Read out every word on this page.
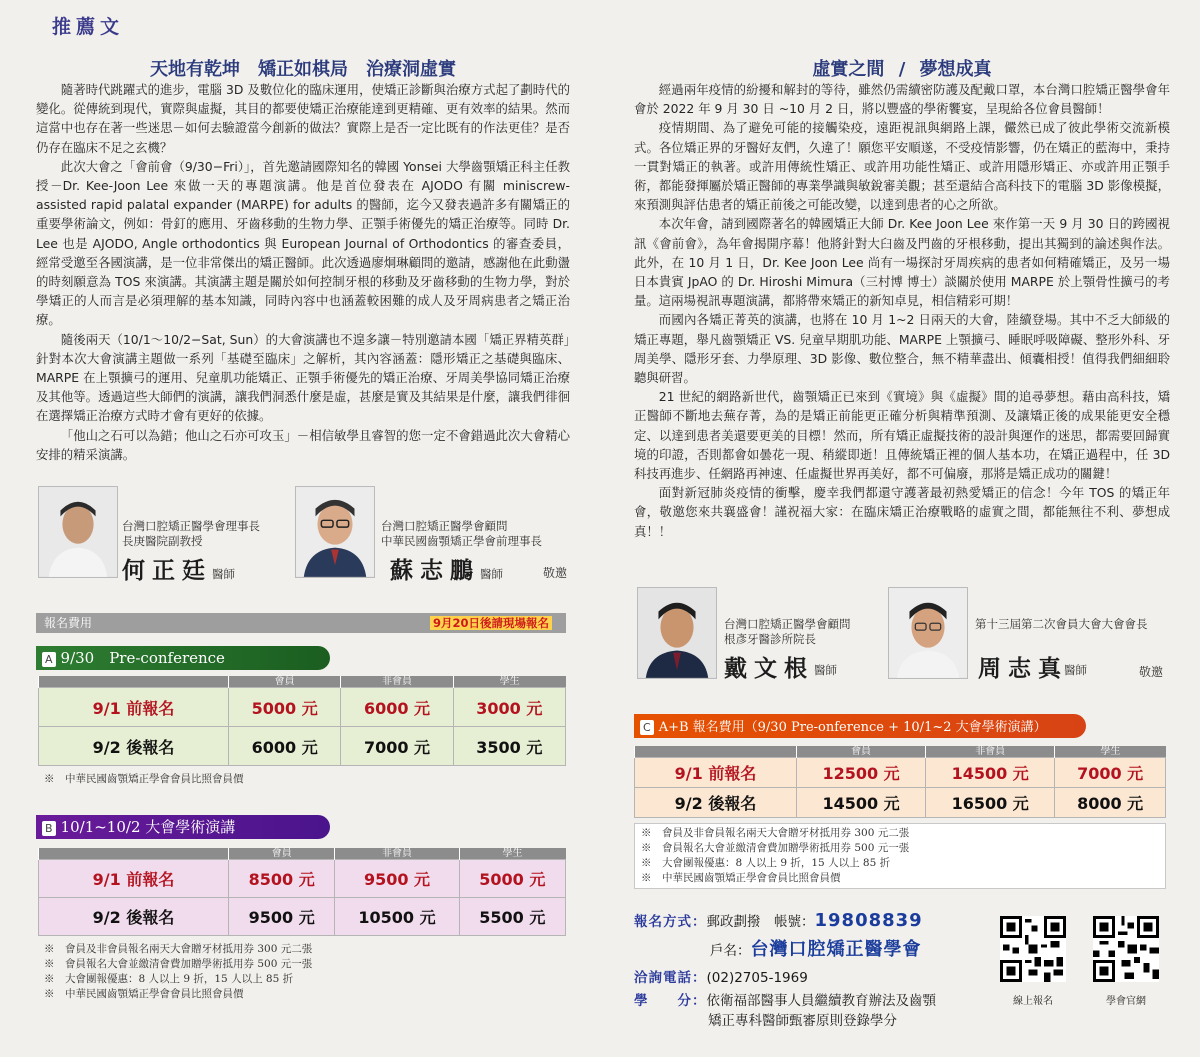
推薦文
天地有乾坤　矯正如棋局　治療洞虛實

隨著時代跳躍式的進步，電腦 3D 及數位化的臨床運用，使矯正診斷與治療方式起了劃時代的變化。從傳統到現代，實際與虛擬，其目的都要使矯正治療能達到更精確、更有效率的結果。然而這當中也存在著一些迷思－如何去驗證當今創新的做法？實際上是否一定比既有的作法更佳？是否仍存在臨床不足之玄機？

此次大會之「會前會（9/30−Fri）」，首先邀請國際知名的韓國 Yonsei 大學齒顎矯正科主任教授－Dr. Kee-Joon Lee 來做一天的專題演講。他是首位發表在 AJODO 有關 miniscrew-assisted rapid palatal expander (MARPE) for adults 的醫師，迄今又發表過許多有關矯正的重要學術論文，例如：骨釘的應用、牙齒移動的生物力學、正顎手術優先的矯正治療等。同時 Dr. Lee 也是 AJODO, Angle orthodontics 與 European Journal of Orthodontics 的審查委員，經常受邀至各國演講，是一位非常傑出的矯正醫師。此次透過廖炯琳顧問的邀請，感謝他在此動盪的時刻願意為 TOS 來演講。其演講主題是關於如何控制牙根的移動及牙齒移動的生物力學，對於學矯正的人而言是必須理解的基本知識，同時內容中也涵蓋較困難的成人及牙周病患者之矯正治療。

隨後兩天（10/1～10/2−Sat, Sun）的大會演講也不遑多讓－特別邀請本國「矯正界精英群」針對本次大會演講主題做一系列「基礎至臨床」之解析，其內容涵蓋：隱形矯正之基礎與臨床、MARPE 在上顎擴弓的運用、兒童肌功能矯正、正顎手術優先的矯正治療、牙周美學協同矯正治療及其他等。透過這些大師們的演講，讓我們洞悉什麼是虛，甚麼是實及其結果是什麼，讓我們徘徊在選擇矯正治療方式時才會有更好的依據。

「他山之石可以為錯；他山之石亦可攻玉」－相信敏學且睿智的您一定不會錯過此次大會精心安排的精采演講。

台灣口腔矯正醫學會理事長
長庚醫院副教授
何正廷 醫師
台灣口腔矯正醫學會顧問
中華民國齒顎矯正學會前理事長
蘇志鵬 醫師	敬邀
虛實之間 / 夢想成真

經過兩年疫情的紛擾和解封的等待，雖然仍需續密防護及配戴口罩，本台灣口腔矯正醫學會年會於 2022 年 9 月 30 日 ~10 月 2 日，將以豐盛的學術饗宴，呈現給各位會員醫師！

疫情期間、為了避免可能的接觸染疫，遠距視訊與網路上課，儼然已成了彼此學術交流新模式。各位矯正界的牙醫好友們，久違了！願您平安順遂，不受疫情影響，仍在矯正的藍海中，秉持一貫對矯正的執著。或許用傳統性矯正、或許用功能性矯正、或許用隱形矯正、亦或許用正顎手術，都能發揮屬於矯正醫師的專業學識與敏銳審美觀；甚至還結合高科技下的電腦 3D 影像模擬，來預測與評估患者的矯正前後之可能改變，以達到患者的心之所欲。

本次年會，請到國際著名的韓國矯正大師 Dr. Kee Joon Lee 來作第一天 9 月 30 日的跨國視訊《會前會》，為年會揭開序幕！他將針對大臼齒及門齒的牙根移動，提出其獨到的論述與作法。此外，在 10 月 1 日，Dr. Kee Joon Lee 尚有一場探討牙周疾病的患者如何精確矯正，及另一場日本貴賓 JpAO 的 Dr. Hiroshi Mimura（三村博 博士）談關於使用 MARPE 於上顎骨性擴弓的考量。這兩場視訊專題演講，都將帶來矯正的新知卓見，相信精彩可期！

而國內各矯正菁英的演講，也將在 10 月 1~2 日兩天的大會，陸續登場。其中不乏大師級的矯正專題，舉凡齒顎矯正 VS. 兒童早期肌功能、MARPE 上顎擴弓、睡眠呼吸障礙、整形外科、牙周美學、隱形牙套、力學原理、3D 影像、數位整合，無不精華盡出、傾囊相授！值得我們細細聆聽與研習。

21 世紀的網路新世代，齒顎矯正已來到《實境》與《虛擬》間的追尋夢想。藉由高科技，矯正醫師不斷地去蕪存菁，為的是矯正前能更正確分析與精準預測、及讓矯正後的成果能更安全穩定、以達到患者美還要更美的目標！然而，所有矯正虛擬技術的設計與運作的迷思，都需要回歸實境的印證，否則都會如曇花一現、稍縱即逝！且傳統矯正裡的個人基本功，在矯正過程中，任 3D 科技再進步、任網路再神速、任虛擬世界再美好，都不可偏廢，那將是矯正成功的關鍵！

面對新冠肺炎疫情的衝擊，慶幸我們都還守護著最初熱愛矯正的信念！今年 TOS 的矯正年會，敬邀您來共襄盛會！謹祝福大家：在臨床矯正治療戰略的虛實之間，都能無往不利、夢想成真！！

台灣口腔矯正醫學會顧問
根彥牙醫診所院長
戴文根 醫師
第十三屆第二次會員大會大會會長
周志真
醫師	敬邀
報名費用	9月20日後請現場報名
A 9/30　Pre-conference
	會員	非會員	學生
9/1 前報名	5000 元	6000 元	3000 元
9/2 後報名	6000 元	7000 元	3500 元
※　中華民國齒顎矯正學會會員比照會員價
B 10/1~10/2 大會學術演講
	會員	非會員	學生
9/1 前報名	8500 元	9500 元	5000 元
9/2 後報名	9500 元	10500 元	5500 元
※　會員及非會員報名兩天大會贈牙材抵用券 300 元二張
※　會員報名大會並繳清會費加贈學術抵用券 500 元一張
※　大會團報優惠：8 人以上 9 折，15 人以上 85 折
※　中華民國齒顎矯正學會會員比照會員價
C A+B 報名費用（9/30 Pre-onference + 10/1~2 大會學術演講）
	會員	非會員	學生
9/1 前報名	12500 元	14500 元	7000 元
9/2 後報名	14500 元	16500 元	8000 元
※　會員及非會員報名兩天大會贈牙材抵用券 300 元二張
※　會員報名大會並繳清會費加贈學術抵用券 500 元一張
※　大會團報優惠：8 人以上 9 折，15 人以上 85 折
※　中華民國齒顎矯正學會會員比照會員價
報名方式：郵政劃撥　帳號：19808839
戶名：台灣口腔矯正醫學會
洽詢電話：(02)2705-1969
學　　分：依衛福部醫事人員繼續教育辦法及齒顎
矯正專科醫師甄審原則登錄學分
線上報名	學會官網
